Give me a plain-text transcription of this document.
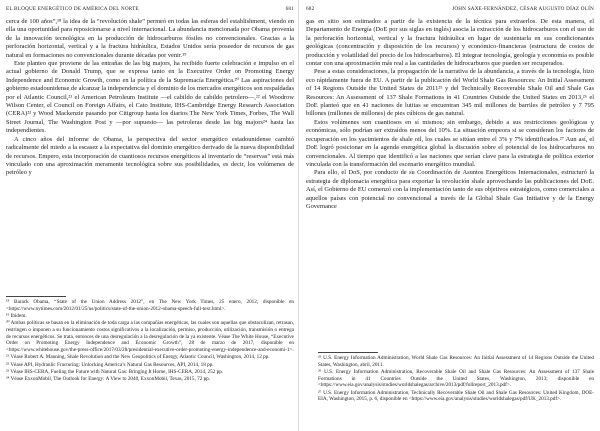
EL BLOQUE ENERGÉTICO DE AMÉRICA DEL NORTE	681

cerca de 100 años”,¹⁸ la idea de la “revolución shale” permeó en todas las esferas del establishment, viendo en ella una oportunidad para reposicionarse a nivel internacional. La abundancia mencionada por Obama provenía de la innovación tecnológica en la producción de hidrocarburos fósiles no convencionales. Gracias a la perforación horizontal, vertical y a la fractura hidráulica, Estados Unidos sería poseedor de recursos de gas natural en formaciones no convencionales durante décadas por venir.¹⁹

Este planteo que proviene de las entrañas de las big majors, ha recibido fuerte celebración e impulso en el actual gobierno de Donald Trump, que se expresa tanto en la Executive Order on Promoting Energy Independence and Economic Growth, como en la política de la Supremacía Energética.²⁰ Las aspiraciones del gobierno estadounidense de alcanzar la independencia y el dominio de los mercados energéticos son respaldadas por el Atlantic Council,²¹ el American Petroleum Institute —el cabildo de cabildo petrolero—,²² el Woodrow Wilson Center, el Council on Foreign Affairs, el Cato Institute, IHS-Cambridge Energy Research Association (CERA)²³ y Wood Mackenzie pasando por Citigroup hasta los diarios The New York Times, Forbes, The Wall Street Journal, The Washington Post y —por supuesto— las petroleras desde las big majors²⁴ hasta las independientes.

A cinco años del informe de Obama, la perspectiva del sector energético estadounidense cambió radicalmente del miedo a la escasez a la expectativa del dominio energético derivado de la nueva disponibilidad de recursos. Empero, esta incorporación de cuantiosos recursos energéticos al inventario de “reservas” está más vinculado con una aproximación meramente tecnológica sobre sus posibilidades, es decir, los volúmenes de petróleo y

¹⁸ Barack Obama, “State of the Union Address 2012”, en The New York Times, 25 enero, 2012, disponible en <https://www.nytimes.com/2012/01/25/us/politics/state-of-the-union-2012-obama-speech-full-text.html>.

¹⁹ Ibidem.

²⁰ Ambas políticas se basan en la eliminación de toda carga a las compañías energéticas, las cuales son aquellas que obstaculizan, retrasan, restringen o imponen a su funcionamiento costos significativos a la localización, permiso, producción, utilización, transmisión o entrega de recursos energéticos. Se trata, entonces de una desregulación a la desregulación de la ya existente. Véase The White House, “Executive Order on Promoting Energy Independence and Economic Growth”, 28 de marzo de 2017, disponible en <https://www.whitehouse.gov/the-press-office/2017/03/28/presidential-executive-order-promoting-energy-independence-and-economi-1>.

²¹ Véase Robert A. Manning, Shale Revolution and the New Geopolitics of Energy, Atlantic Council, Washington, 2014, 12 pp.

²² Véase API, Hydraulic Fracturing: Unlocking America’s Natural Gas Resources, API, 2014, 18 pp.

²³ Véase IHS-CERA, Fueling the Future with Natural Gas: Bringing It Home, IHS-CERA, 2014, 252 pp.

²⁴ Véase ExxonMobil, The Outlook for Energy: A View to 2040, ExxonMobil, Texas, 2015, 72 pp.

682	JOHN SAXE-FERNÁNDEZ, CÉSAR AUGUSTO DÍAZ OLÍN

gas en sitio son estimados a partir de la existencia de la técnica para extraerlos. De esta manera, el Departamento de Energía (DoE por sus siglas en inglés) asocia la extracción de los hidrocarburos con el uso de la perforación horizontal, vertical y la fractura hidráulica en lugar de sustentarla en sus condicionantes geológicas (concentración y disposición de los recursos) y económico-financieras (estructura de costos de producción y volatilidad del precio de los hidrocarburos). El integrar tecnología, geología y economía es posible contar con una aproximación más real a las cantidades de hidrocarburos que pueden ser recuperados.

Pese a estas consideraciones, la propagación de la narrativa de la abundancia, a través de la tecnología, hizo eco rápidamente fuera de EU. A partir de la publicación del World Shale Gas Resources: An Initial Assessment of 14 Regions Outside the United States de 2011²⁵ y del Technically Recoverable Shale Oil and Shale Gas Resources: An Assessment of 137 Shale Formations in 41 Countries Outside the United States en 2013,²⁶ el DoE planteó que en 41 naciones de lutitas se encuentran 345 mil millones de barriles de petróleo y 7 795 billones (millones de millones) de pies cúbicos de gas natural.

Estos volúmenes son cuantiosos en sí mismos; sin embargo, debido a sus restricciones geológicas y económicas, sólo podrían ser extraídos menos del 10%. La situación empeora si se consideran los factores de recuperación en los yacimientos de shale oil, los cuales se sitúan entre el 3% y 7% identificados.²⁷ Aun así, el DoE logró posicionar en la agenda energética global la discusión sobre el potencial de los hidrocarburos no convencionales. Al tiempo que identificó a las naciones que serían clave para la estrategia de política exterior vinculada con la transformación del escenario energético mundial.

Para ello, el DoS, por conducto de su Coordinación de Asuntos Energéticos Internacionales, estructuró la estrategia de diplomacia energética para exportar la revolución shale aprovechando las publicaciones del DoE. Así, el Gobierno de EU comenzó con la implementación tanto de sus objetivos estratégicos, como comerciales a aquellos países con potencial no convencional a través de la Global Shale Gas Initiative y de la Energy Governance

²⁵ U.S. Energy Information Administration, World Shale Gas Resources: An Initial Assessment of 14 Regions Outside the United States, Washington, abril, 2011.

²⁶ U.S. Energy Information Administration, Recoverable Shale Oil and Shale Gas Resources: An Assessment of 137 Shale Formations in 41 Countries Outside the United States, Washington, 2013; disponible en <https://www.eia.gov/analysis/studies/worldshalegas/archive/2013/pdf/fullreport_2013.pdf>.

²⁷ U.S. Energy Information Administration, Technically Recoverable Shale Oil and Shale Gas Resources: United Kingdom, DOE-EIA, Washington, 2015, p. 6, disponible en <https://www.eia.gov/analysis/studies/worldshalegas/pdf/UK_2013.pdf>.
